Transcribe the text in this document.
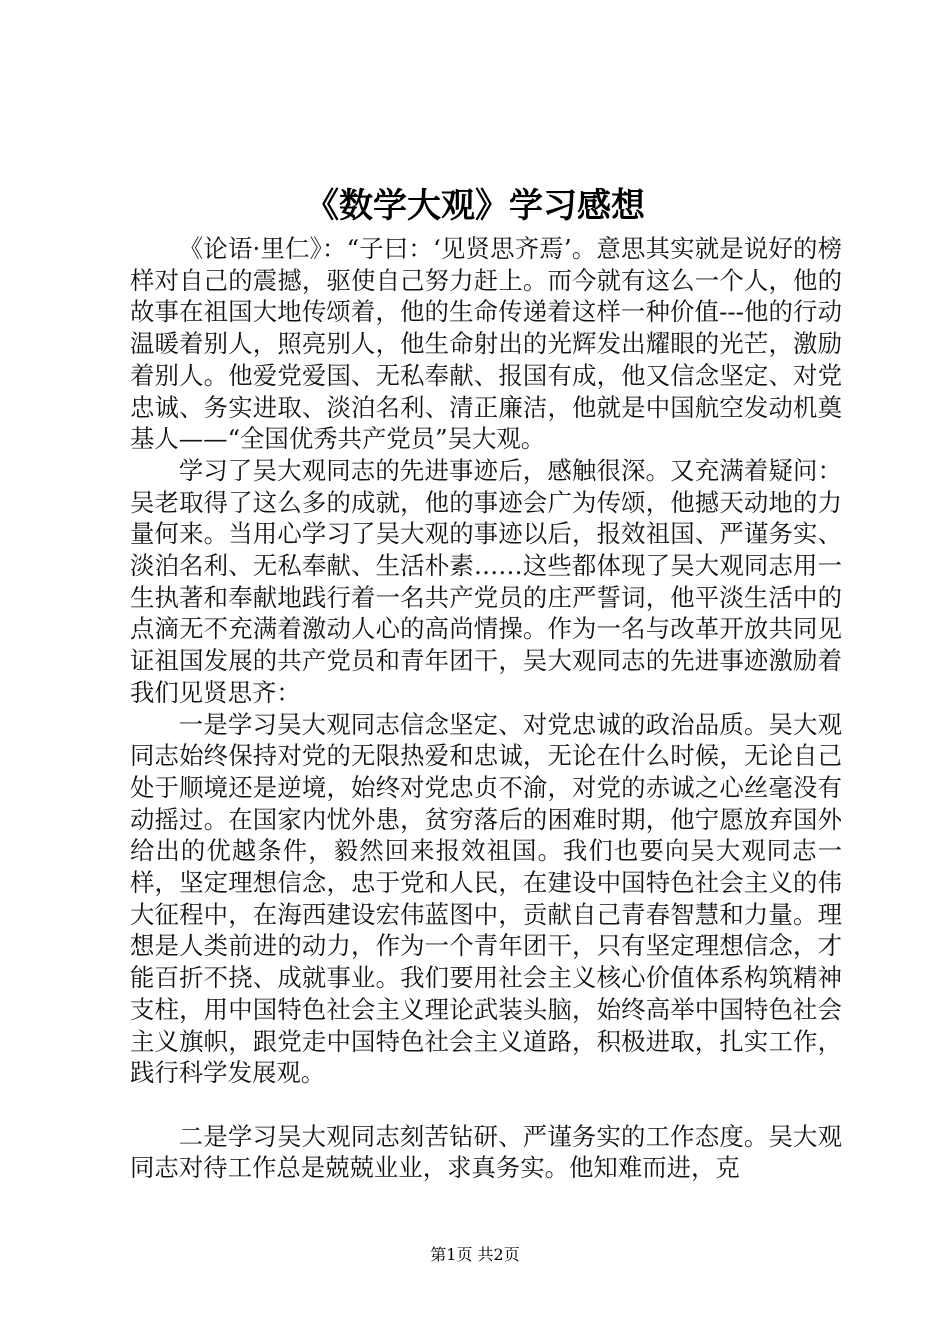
《数学大观》学习感想

《论语·里仁》：“子曰：‘见贤思齐焉’。意思其实就是说好的榜样对自己的震撼，驱使自己努力赶上。而今就有这么一个人，他的故事在祖国大地传颂着，他的生命传递着这样一种价值---他的行动温暖着别人，照亮别人，他生命射出的光辉发出耀眼的光芒，激励着别人。他爱党爱国、无私奉献、报国有成，他又信念坚定、对党忠诚、务实进取、淡泊名利、清正廉洁，他就是中国航空发动机奠基人——“全国优秀共产党员”吴大观。

学习了吴大观同志的先进事迹后，感触很深。又充满着疑问：吴老取得了这么多的成就，他的事迹会广为传颂，他撼天动地的力量何来。当用心学习了吴大观的事迹以后，报效祖国、严谨务实、淡泊名利、无私奉献、生活朴素……这些都体现了吴大观同志用一生执著和奉献地践行着一名共产党员的庄严誓词，他平淡生活中的点滴无不充满着激动人心的高尚情操。作为一名与改革开放共同见证祖国发展的共产党员和青年团干，吴大观同志的先进事迹激励着我们见贤思齐：

一是学习吴大观同志信念坚定、对党忠诚的政治品质。吴大观同志始终保持对党的无限热爱和忠诚，无论在什么时候，无论自己处于顺境还是逆境，始终对党忠贞不渝，对党的赤诚之心丝毫没有动摇过。在国家内忧外患，贫穷落后的困难时期，他宁愿放弃国外给出的优越条件，毅然回来报效祖国。我们也要向吴大观同志一样，坚定理想信念，忠于党和人民，在建设中国特色社会主义的伟大征程中，在海西建设宏伟蓝图中，贡献自己青春智慧和力量。理想是人类前进的动力，作为一个青年团干，只有坚定理想信念，才能百折不挠、成就事业。我们要用社会主义核心价值体系构筑精神支柱，用中国特色社会主义理论武装头脑，始终高举中国特色社会主义旗帜，跟党走中国特色社会主义道路，积极进取，扎实工作，践行科学发展观。

二是学习吴大观同志刻苦钻研、严谨务实的工作态度。吴大观同志对待工作总是兢兢业业，求真务实。他知难而进，克

第1页 共2页
